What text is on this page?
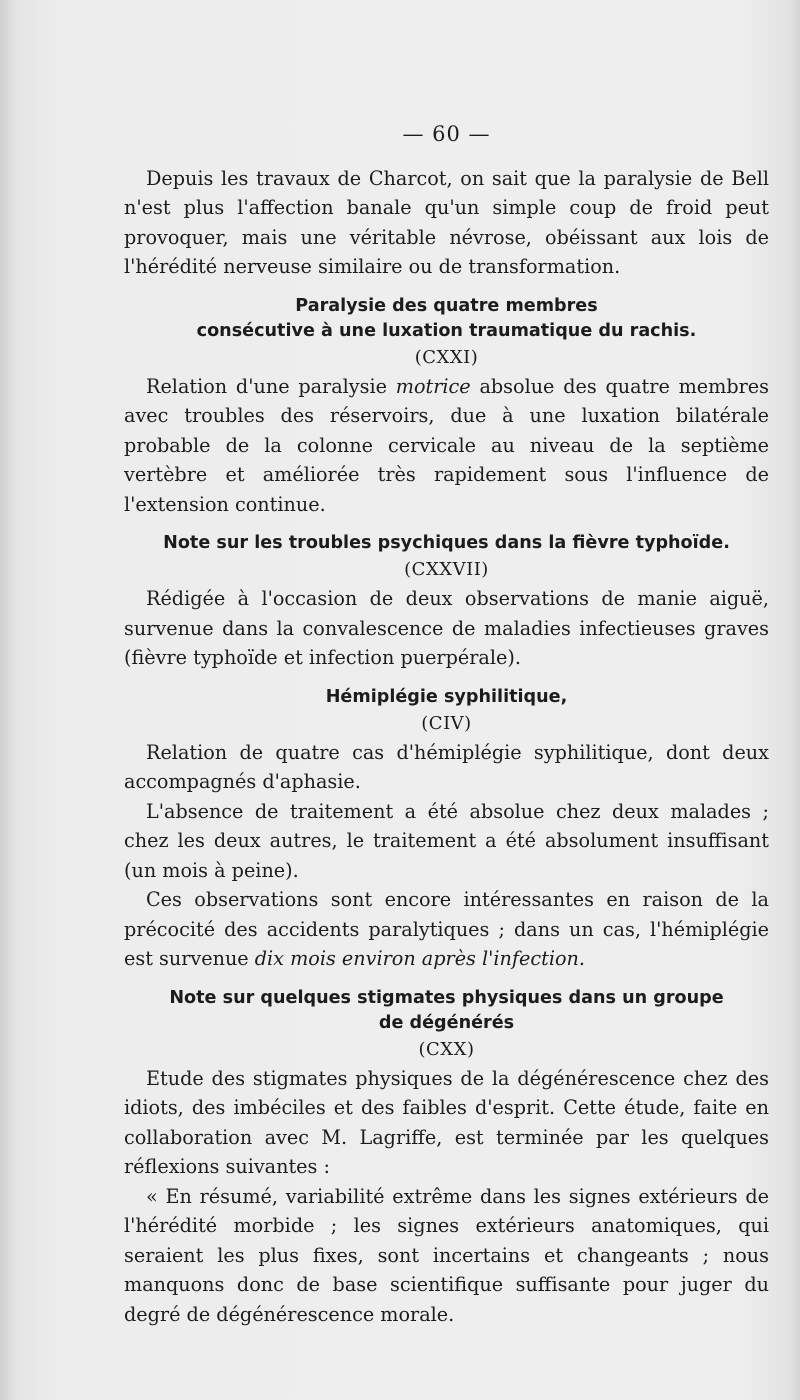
— 60 —

Depuis les travaux de Charcot, on sait que la paralysie de Bell n'est plus l'affection banale qu'un simple coup de froid peut provoquer, mais une véritable névrose, obéissant aux lois de l'hérédité nerveuse similaire ou de transformation.

Paralysie des quatre membres
consécutive à une luxation traumatique du rachis.
(CXXI)

Relation d'une paralysie motrice absolue des quatre membres avec troubles des réservoirs, due à une luxation bilatérale probable de la colonne cervicale au niveau de la septième vertèbre et améliorée très rapidement sous l'influence de l'extension continue.

Note sur les troubles psychiques dans la fièvre typhoïde.
(CXXVII)

Rédigée à l'occasion de deux observations de manie aiguë, survenue dans la convalescence de maladies infectieuses graves (fièvre typhoïde et infection puerpérale).

Hémiplégie syphilitique,
(CIV)

Relation de quatre cas d'hémiplégie syphilitique, dont deux accompagnés d'aphasie.

L'absence de traitement a été absolue chez deux malades ; chez les deux autres, le traitement a été absolument insuffisant (un mois à peine).

Ces observations sont encore intéressantes en raison de la précocité des accidents paralytiques ; dans un cas, l'hémiplégie est survenue dix mois environ après l'infection.

Note sur quelques stigmates physiques dans un groupe
de dégénérés
(CXX)

Etude des stigmates physiques de la dégénérescence chez des idiots, des imbéciles et des faibles d'esprit. Cette étude, faite en collaboration avec M. Lagriffe, est terminée par les quelques réflexions suivantes :

« En résumé, variabilité extrême dans les signes extérieurs de l'hérédité morbide ; les signes extérieurs anatomiques, qui seraient les plus fixes, sont incertains et changeants ; nous manquons donc de base scientifique suffisante pour juger du degré de dégénérescence morale.
